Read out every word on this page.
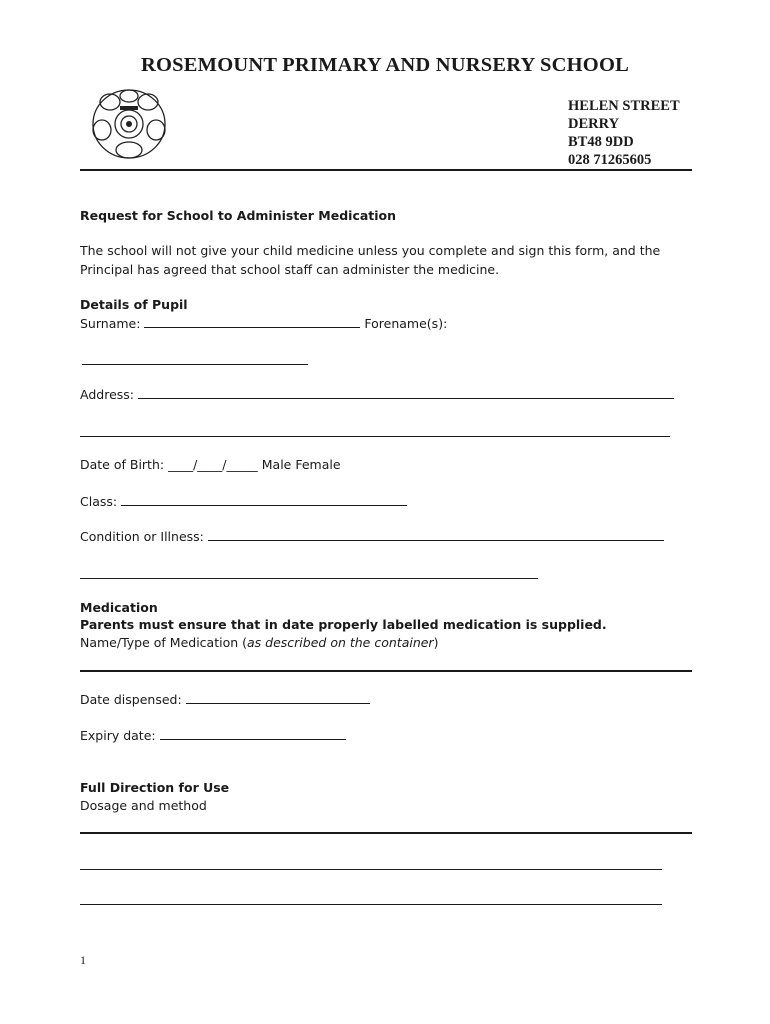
ROSEMOUNT PRIMARY AND NURSERY SCHOOL
HELEN STREET
DERRY
BT48 9DD
028 71265605
Request for School to Administer Medication
The school will not give your child medicine unless you complete and sign this form, and the
Principal has agreed that school staff can administer the medicine.
Details of Pupil
Surname:	Forename(s):
Address:
Date of Birth: ____/____/_____ Male Female
Class:
Condition or Illness:
Medication
Parents must ensure that in date properly labelled medication is supplied.
Name/Type of Medication (as described on the container)
Date dispensed:
Expiry date:
Full Direction for Use
Dosage and method
1
